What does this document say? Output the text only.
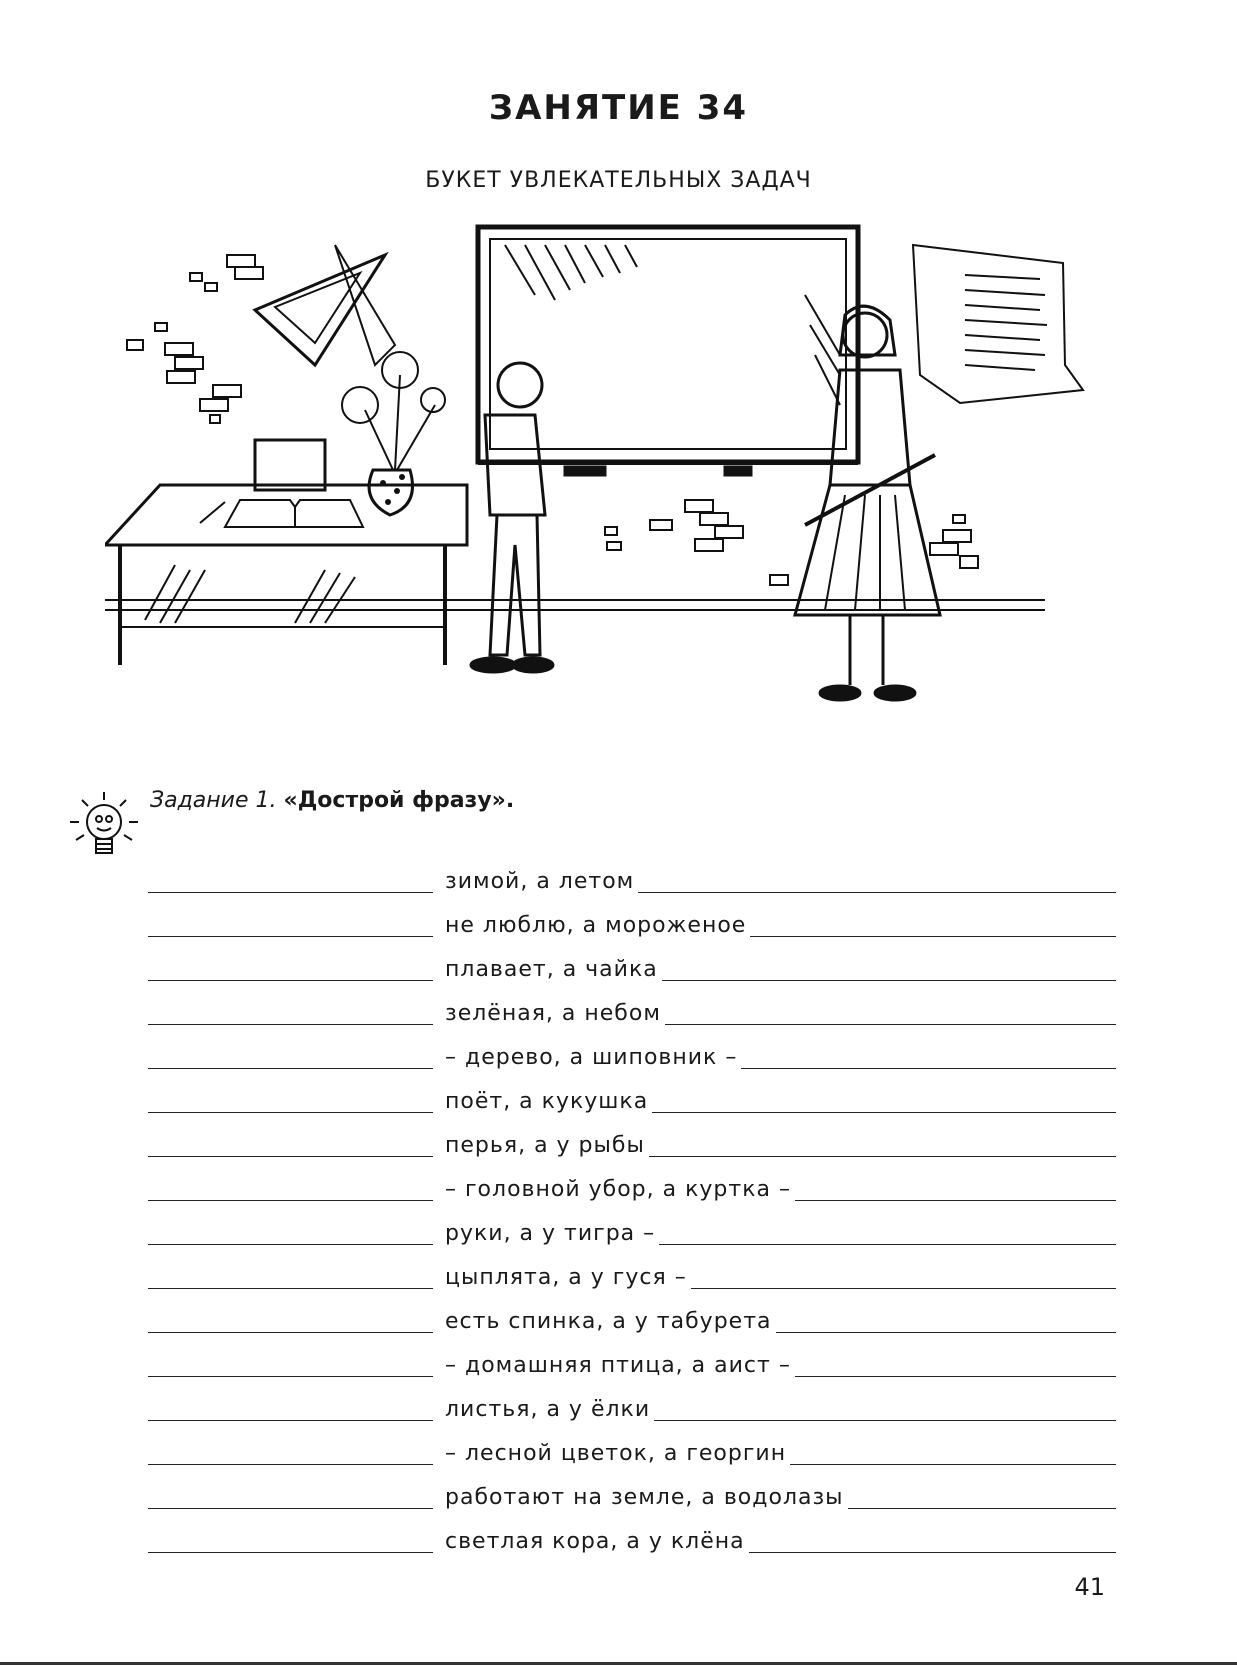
ЗАНЯТИЕ 34
БУКЕТ УВЛЕКАТЕЛЬНЫХ ЗАДАЧ
Задание 1. «Дострой фразу».
зимой, а летом
не люблю, а мороженое
плавает, а чайка
зелёная, а небом
– дерево, а шиповник –
поёт, а кукушка
перья, а у рыбы
– головной убор, а куртка –
руки, а у тигра –
цыплята, а у гуся –
есть спинка, а у табурета
– домашняя птица, а аист –
листья, а у ёлки
– лесной цветок, а георгин
работают на земле, а водолазы
светлая кора, а у клёна
41
